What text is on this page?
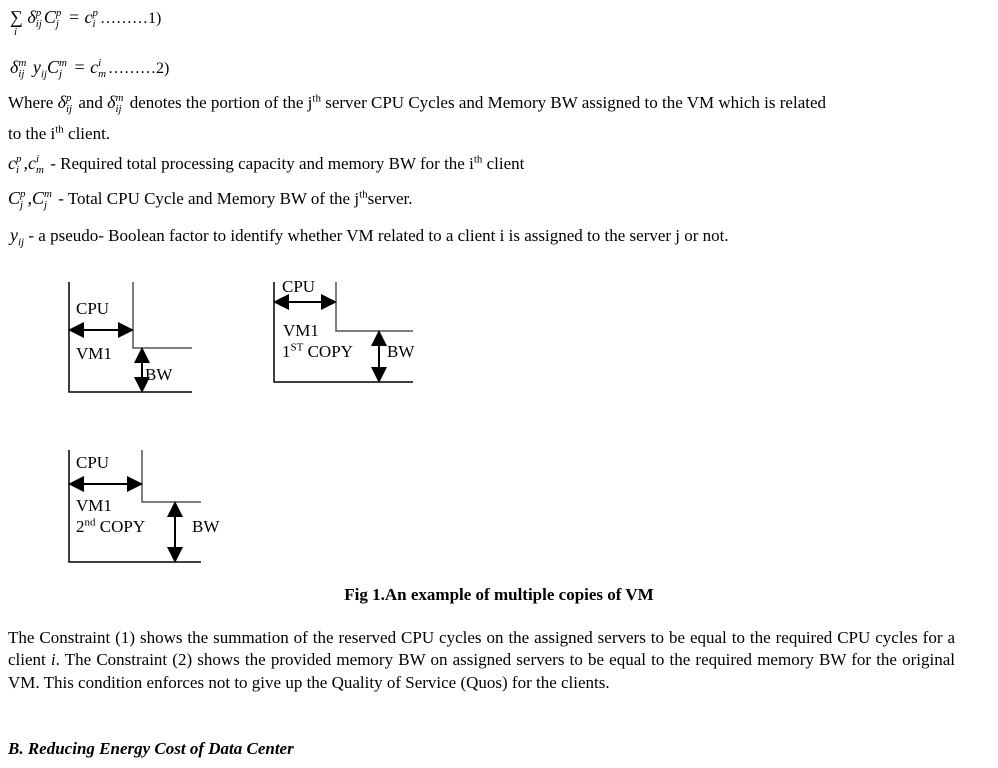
∑
i
δ p
ij C p
j = c p
i ………1)
δ m
ij $y_{ij}C$ m
j = c i
m ………2)
Where δ p
ij and δ m
ij denotes the portion of the $j^{th}$ server CPU Cycles and Memory BW assigned to the VM which is related
to the $i^{th}$ client.
c p
i ,c i
m - Required total processing capacity and memory BW for the $i^{th}$ client
C p
j ,C m
j - Total CPU Cycle and Memory BW of the $j^{th}server$.
$y_{ij}$ - a pseudo- Boolean factor to identify whether VM related to a client i is assigned to the server j or not.
CPU
VM1
BW
CPU
VM1
1ST COPY BW
CPU
VM1
2nd COPY	BW
Fig 1.An example of multiple copies of VM
The Constraint (1) shows the summation of the reserved CPU cycles on the assigned servers to be equal to the required CPU cycles for a client i. The Constraint (2) shows the provided memory BW on assigned servers to be equal to the required memory BW for the original VM. This condition enforces not to give up the Quality of Service (Quos) for the clients.
B. Reducing Energy Cost of Data Center
